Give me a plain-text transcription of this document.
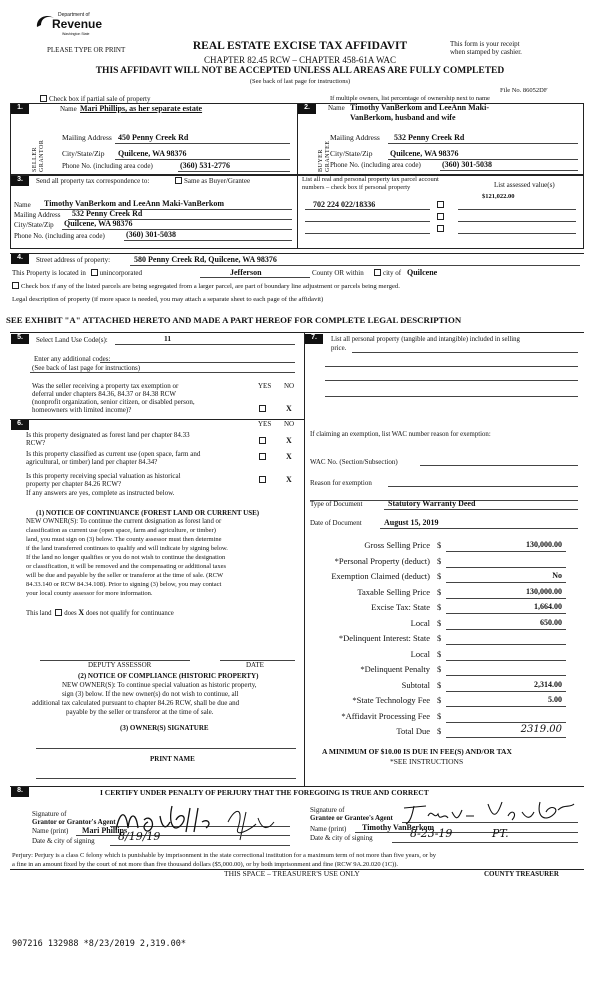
Department of
Revenue
Washington State
PLEASE TYPE OR PRINT	REAL ESTATE EXCISE TAX AFFIDAVIT
CHAPTER 82.45 RCW – CHAPTER 458-61A WAC
THIS AFFIDAVIT WILL NOT BE ACCEPTED UNLESS ALL AREAS ARE FULLY COMPLETED
(See back of last page for instructions)
This form is your receipt
when stamped by cashier.
File No. 86052DF
Check box if partial sale of property	If multiple owners, list percentage of ownership next to name
1.
SELLER GRANTOR
Name Mari Phillips, as her separate estate
Mailing Address 450 Penny Creek Rd
City/State/Zip Quilcene, WA 98376
Phone No. (including area code)	(360) 531-2776
2.
BUYER GRANTEE
Name Timothy VanBerkom and LeeAnn Maki-
VanBerkom, husband and wife
Mailing Address 532 Penny Creek Rd
City/State/Zip Quilcene, WA 98376
Phone No. (including area code)	(360) 301-5038
3.	Send all property tax correspondence to:	Same as Buyer/Grantee
Name Timothy VanBerkom and LeeAnn Maki-VanBerkom
Mailing Address 532 Penny Creek Rd
City/State/Zip Quilcene, WA 98376
Phone No. (including area code)	(360) 301-5038
List all real and personal property tax parcel account
numbers – check box if personal property	List assessed value(s)
$121,022.00
702 224 022/18336
4.	Street address of property:	580 Penny Creek Rd, Quilcene, WA 98376
This Property is located in unincorporated	Jefferson	County OR within	city of Quilcene
Check box if any of the listed parcels are being segregated from a larger parcel, are part of boundary line adjustment or parcels being merged.
Legal description of property (if more space is needed, you may attach a separate sheet to each page of the affidavit)
SEE EXHIBIT "A" ATTACHED HERETO AND MADE A PART HEREOF FOR COMPLETE LEGAL DESCRIPTION
5.	Select Land Use Code(s):	11
Enter any additional codes:
(See back of last page for instructions)
YES NO
Was the seller receiving a property tax exemption or
deferral under chapters 84.36, 84.37 or 84.38 RCW
(nonprofit organization, senior citizen, or disabled person,
homeowners with limited income)?	X
6.	YES NO
Is this property designated as forest land per chapter 84.33
RCW?	X
Is this property classified as current use (open space, farm and
agricultural, or timber) land per chapter 84.34?
X
Is this property receiving special valuation as historical
property per chapter 84.26 RCW?	X
If any answers are yes, complete as instructed below.
(1) NOTICE OF CONTINUANCE (FOREST LAND OR CURRENT USE)
NEW OWNER(S): To continue the current designation as forest land or
classification as current use (open space, farm and agriculture, or timber)
land, you must sign on (3) below. The county assessor must then determine
if the land transferred continues to qualify and will indicate by signing below.
If the land no longer qualifies or you do not wish to continue the designation
or classification, it will be removed and the compensating or additional taxes
will be due and payable by the seller or transferor at the time of sale. (RCW
84.33.140 or RCW 84.34.108). Prior to signing (3) below, you may contact
your local county assessor for more information.
This land does X does not qualify for continuance
DEPUTY ASSESSOR	DATE
(2) NOTICE OF COMPLIANCE (HISTORIC PROPERTY)
NEW OWNER(S): To continue special valuation as historic property,
sign (3) below. If the new owner(s) do not wish to continue, all
additional tax calculated pursuant to chapter 84.26 RCW, shall be due and
payable by the seller or transferor at the time of sale.
(3) OWNER(S) SIGNATURE
PRINT NAME
7.	List all personal property (tangible and intangible) included in selling
price.
If claiming an exemption, list WAC number reason for exemption:
WAC No. (Section/Subsection)
Reason for exemption
Type of Document	Statutory Warranty Deed
Date of Document	August 15, 2019
Gross Selling Price $	130,000.00
*Personal Property (deduct) $
Exemption Claimed (deduct) $	No
Taxable Selling Price $	130,000.00
Excise Tax: State $	1,664.00
Local $	650.00
*Delinquent Interest: State $
Local $
*Delinquent Penalty $
Subtotal $	2,314.00
*State Technology Fee $	5.00
*Affidavit Processing Fee $
Total Due $	2319.00
A MINIMUM OF $10.00 IS DUE IN FEE(S) AND/OR TAX
*SEE INSTRUCTIONS
8.	I CERTIFY UNDER PENALTY OF PERJURY THAT THE FOREGOING IS TRUE AND CORRECT
Signature of
Grantor or Grantor's Agent
Name (print) Mari Phillips
Date & city of signing 8/19/19
Signature of
Grantee or Grantee's Agent
Name (print) Timothy VanBerkom
Date & city of signing	8-23-19	PT.
Perjury: Perjury is a class C felony which is punishable by imprisonment in the state correctional institution for a maximum term of not more than five years, or by
a fine in an amount fixed by the court of not more than five thousand dollars ($5,000.00), or by both imprisonment and fine (RCW 9A.20.020 (1C)).
THIS SPACE – TREASURER'S USE ONLY	COUNTY TREASURER
907216 132988 *8/23/2019 2,319.00*
